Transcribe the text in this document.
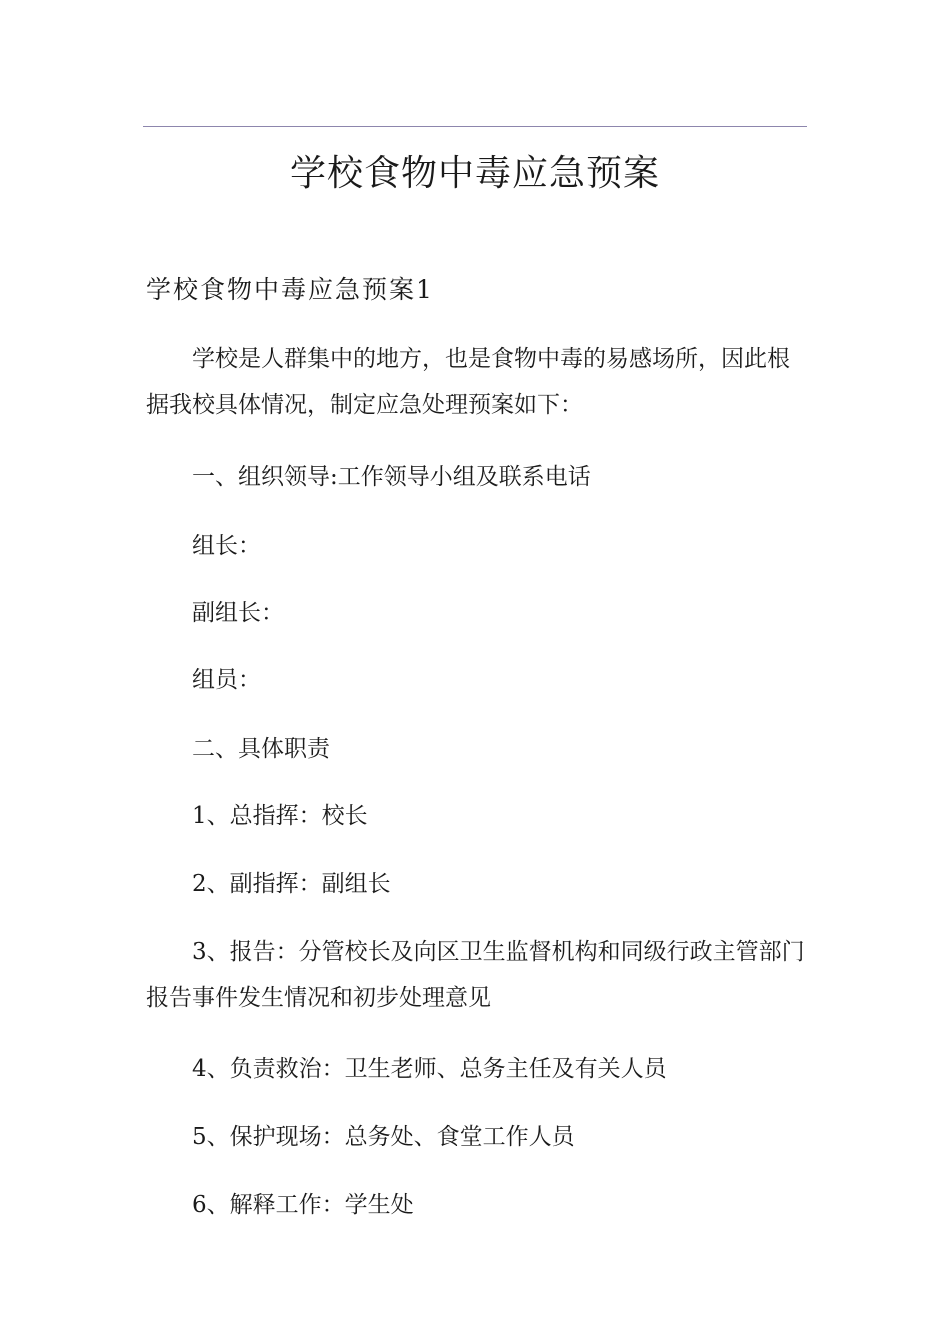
学校食物中毒应急预案
学校食物中毒应急预案1

学校是人群集中的地方，也是食物中毒的易感场所，因此根据我校具体情况，制定应急处理预案如下：

一、组织领导:工作领导小组及联系电话

组长：

副组长：

组员：

二、具体职责

1、总指挥：校长

2、副指挥：副组长

3、报告：分管校长及向区卫生监督机构和同级行政主管部门报告事件发生情况和初步处理意见

4、负责救治：卫生老师、总务主任及有关人员

5、保护现场：总务处、食堂工作人员

6、解释工作：学生处
